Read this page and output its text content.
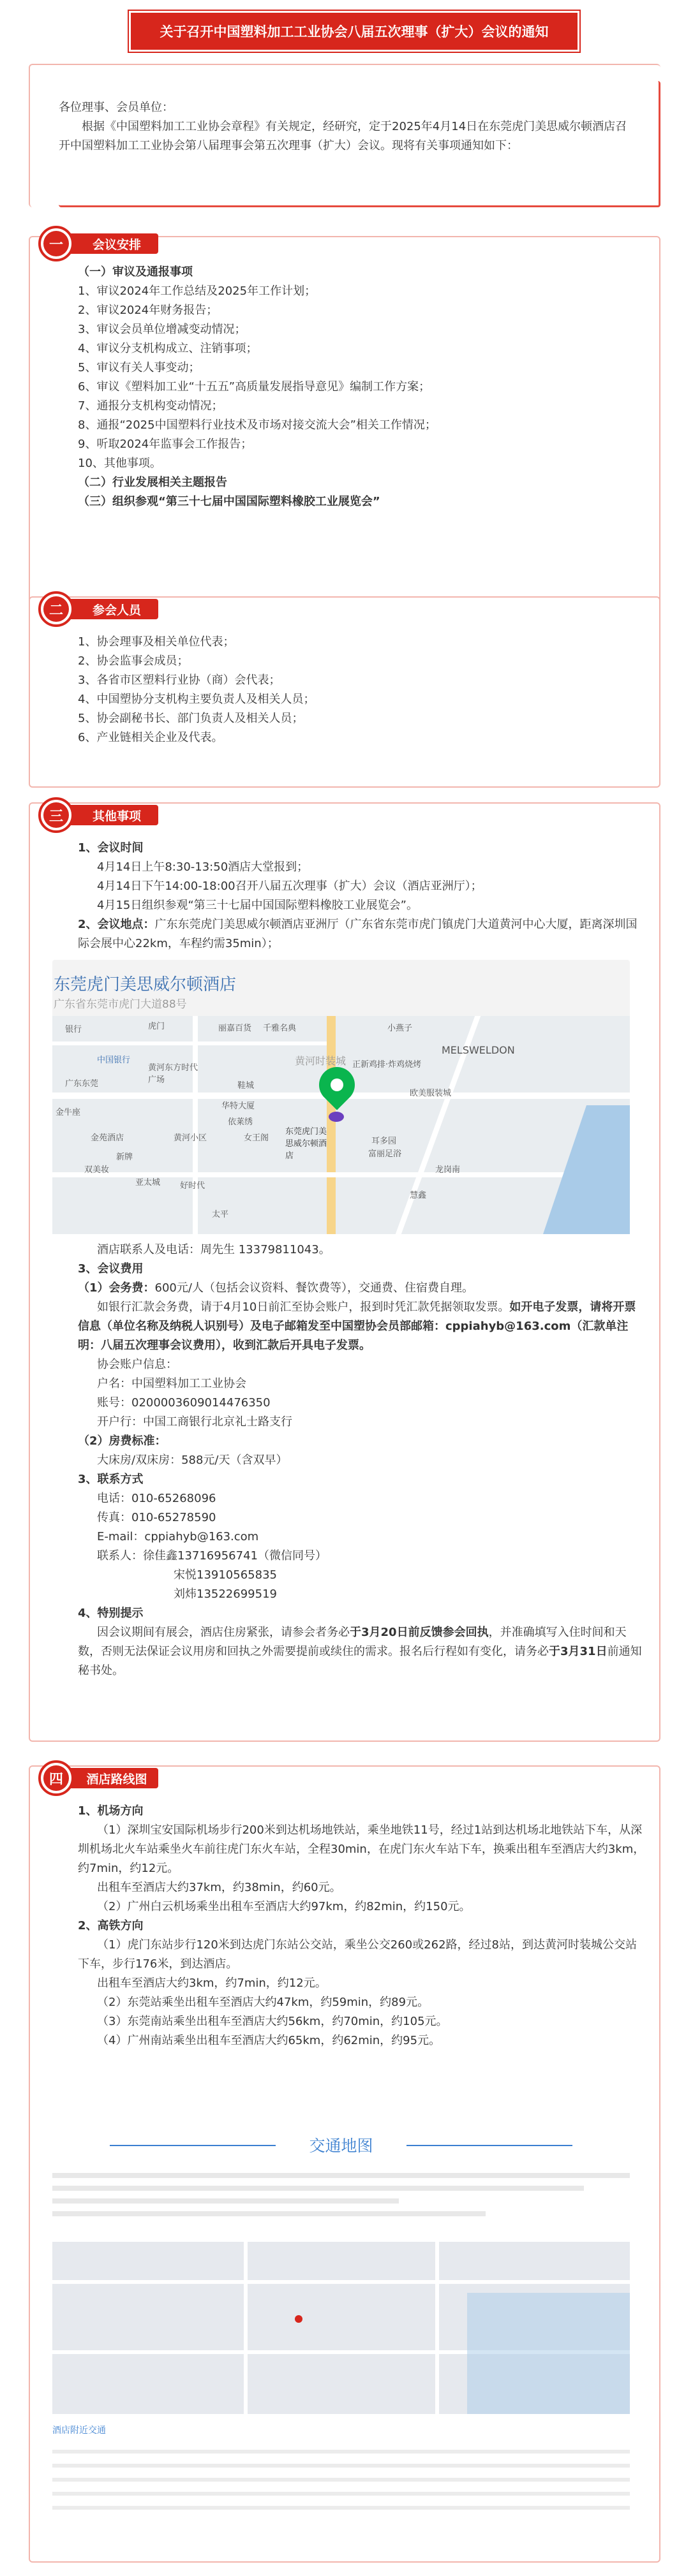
关于召开中国塑料加工工业协会八届五次理事（扩大）会议的通知

各位理事、会员单位：

根据《中国塑料加工工业协会章程》有关规定，经研究，定于2025年4月14日在东莞虎门美思威尔顿酒店召开中国塑料加工工业协会第八届理事会第五次理事（扩大）会议。现将有关事项通知如下：

（一）审议及通报事项

1、审议2024年工作总结及2025年工作计划；

2、审议2024年财务报告；

3、审议会员单位增减变动情况；

4、审议分支机构成立、注销事项；

5、审议有关人事变动；

6、审议《塑料加工业“十五五”高质量发展指导意见》编制工作方案；

7、通报分支机构变动情况；

8、通报“2025中国塑料行业技术及市场对接交流大会”相关工作情况；

9、听取2024年监事会工作报告；

10、其他事项。

（二）行业发展相关主题报告

（三）组织参观“第三十七届中国国际塑料橡胶工业展览会”

一	会议安排

1、协会理事及相关单位代表；

2、协会监事会成员；

3、各省市区塑料行业协（商）会代表；

4、中国塑协分支机构主要负责人及相关人员；

5、协会副秘书长、部门负责人及相关人员；

6、产业链相关企业及代表。

二	参会人员

1、会议时间

4月14日上午8:30-13:50酒店大堂报到；

4月14日下午14:00-18:00召开八届五次理事（扩大）会议（酒店亚洲厅）；

4月15日组织参观“第三十七届中国国际塑料橡胶工业展览会”。

2、会议地点：广东东莞虎门美思威尔顿酒店亚洲厅（广东省东莞市虎门镇虎门大道黄河中心大厦，距离深圳国际会展中心22km，车程约需35min）；

东莞虎门美思威尔顿酒店
广东省东莞市虎门大道88号
银行	丽嘉百货 千雅名典
黄河时装城
中国银行
虎门
黄河东方时代广场
小燕子
华特大厦
金苑酒店
东莞虎门美思威尔顿酒店
正新鸡排·炸鸡烧烤
MELSWELDON
耳多园
富丽足浴
双美妆
好时代
鞋城
依莱绣
黄河小区
广东东莞
女王阁
太平
龙岗南
金牛座
新牌
亚太城
慧鑫
欧美服装城

酒店联系人及电话：周先生 13379811043。

3、会议费用

（1）会务费：600元/人（包括会议资料、餐饮费等），交通费、住宿费自理。

如银行汇款会务费，请于4月10日前汇至协会账户，报到时凭汇款凭据领取发票。如开电子发票，请将开票信息（单位名称及纳税人识别号）及电子邮箱发至中国塑协会员部邮箱：cppiahyb@163.com（汇款单注明：八届五次理事会议费用），收到汇款后开具电子发票。

协会账户信息：

户名：中国塑料加工工业协会

账号：0200003609014476350

开户行：中国工商银行北京礼士路支行

（2）房费标准：

大床房/双床房：588元/天（含双早）

3、联系方式

电话：010-65268096

传真：010-65278590

E-mail：cppiahyb@163.com

联系人：徐佳鑫13716956741（微信同号）

宋悦13910565835

刘炜13522699519

4、特别提示

因会议期间有展会，酒店住房紧张，请参会者务必于3月20日前反馈参会回执，并准确填写入住时间和天数，否则无法保证会议用房和回执之外需要提前或续住的需求。报名后行程如有变化，请务必于3月31日前通知秘书处。

三	其他事项

1、机场方向

（1）深圳宝安国际机场步行200米到达机场地铁站，乘坐地铁11号，经过1站到达机场北地铁站下车，从深圳机场北火车站乘坐火车前往虎门东火车站，全程30min，在虎门东火车站下车，换乘出租车至酒店大约3km，约7min，约12元。

出租车至酒店大约37km，约38min，约60元。

（2）广州白云机场乘坐出租车至酒店大约97km，约82min，约150元。

2、高铁方向

（1）虎门东站步行120米到达虎门东站公交站，乘坐公交260或262路，经过8站，到达黄河时装城公交站下车，步行176米，到达酒店。

出租车至酒店大约3km，约7min，约12元。

（2）东莞站乘坐出租车至酒店大约47km，约59min，约89元。

（3）东莞南站乘坐出租车至酒店大约56km，约70min，约105元。

（4）广州南站乘坐出租车至酒店大约65km，约62min，约95元。

交通地图
酒店附近交通
四	酒店路线图
